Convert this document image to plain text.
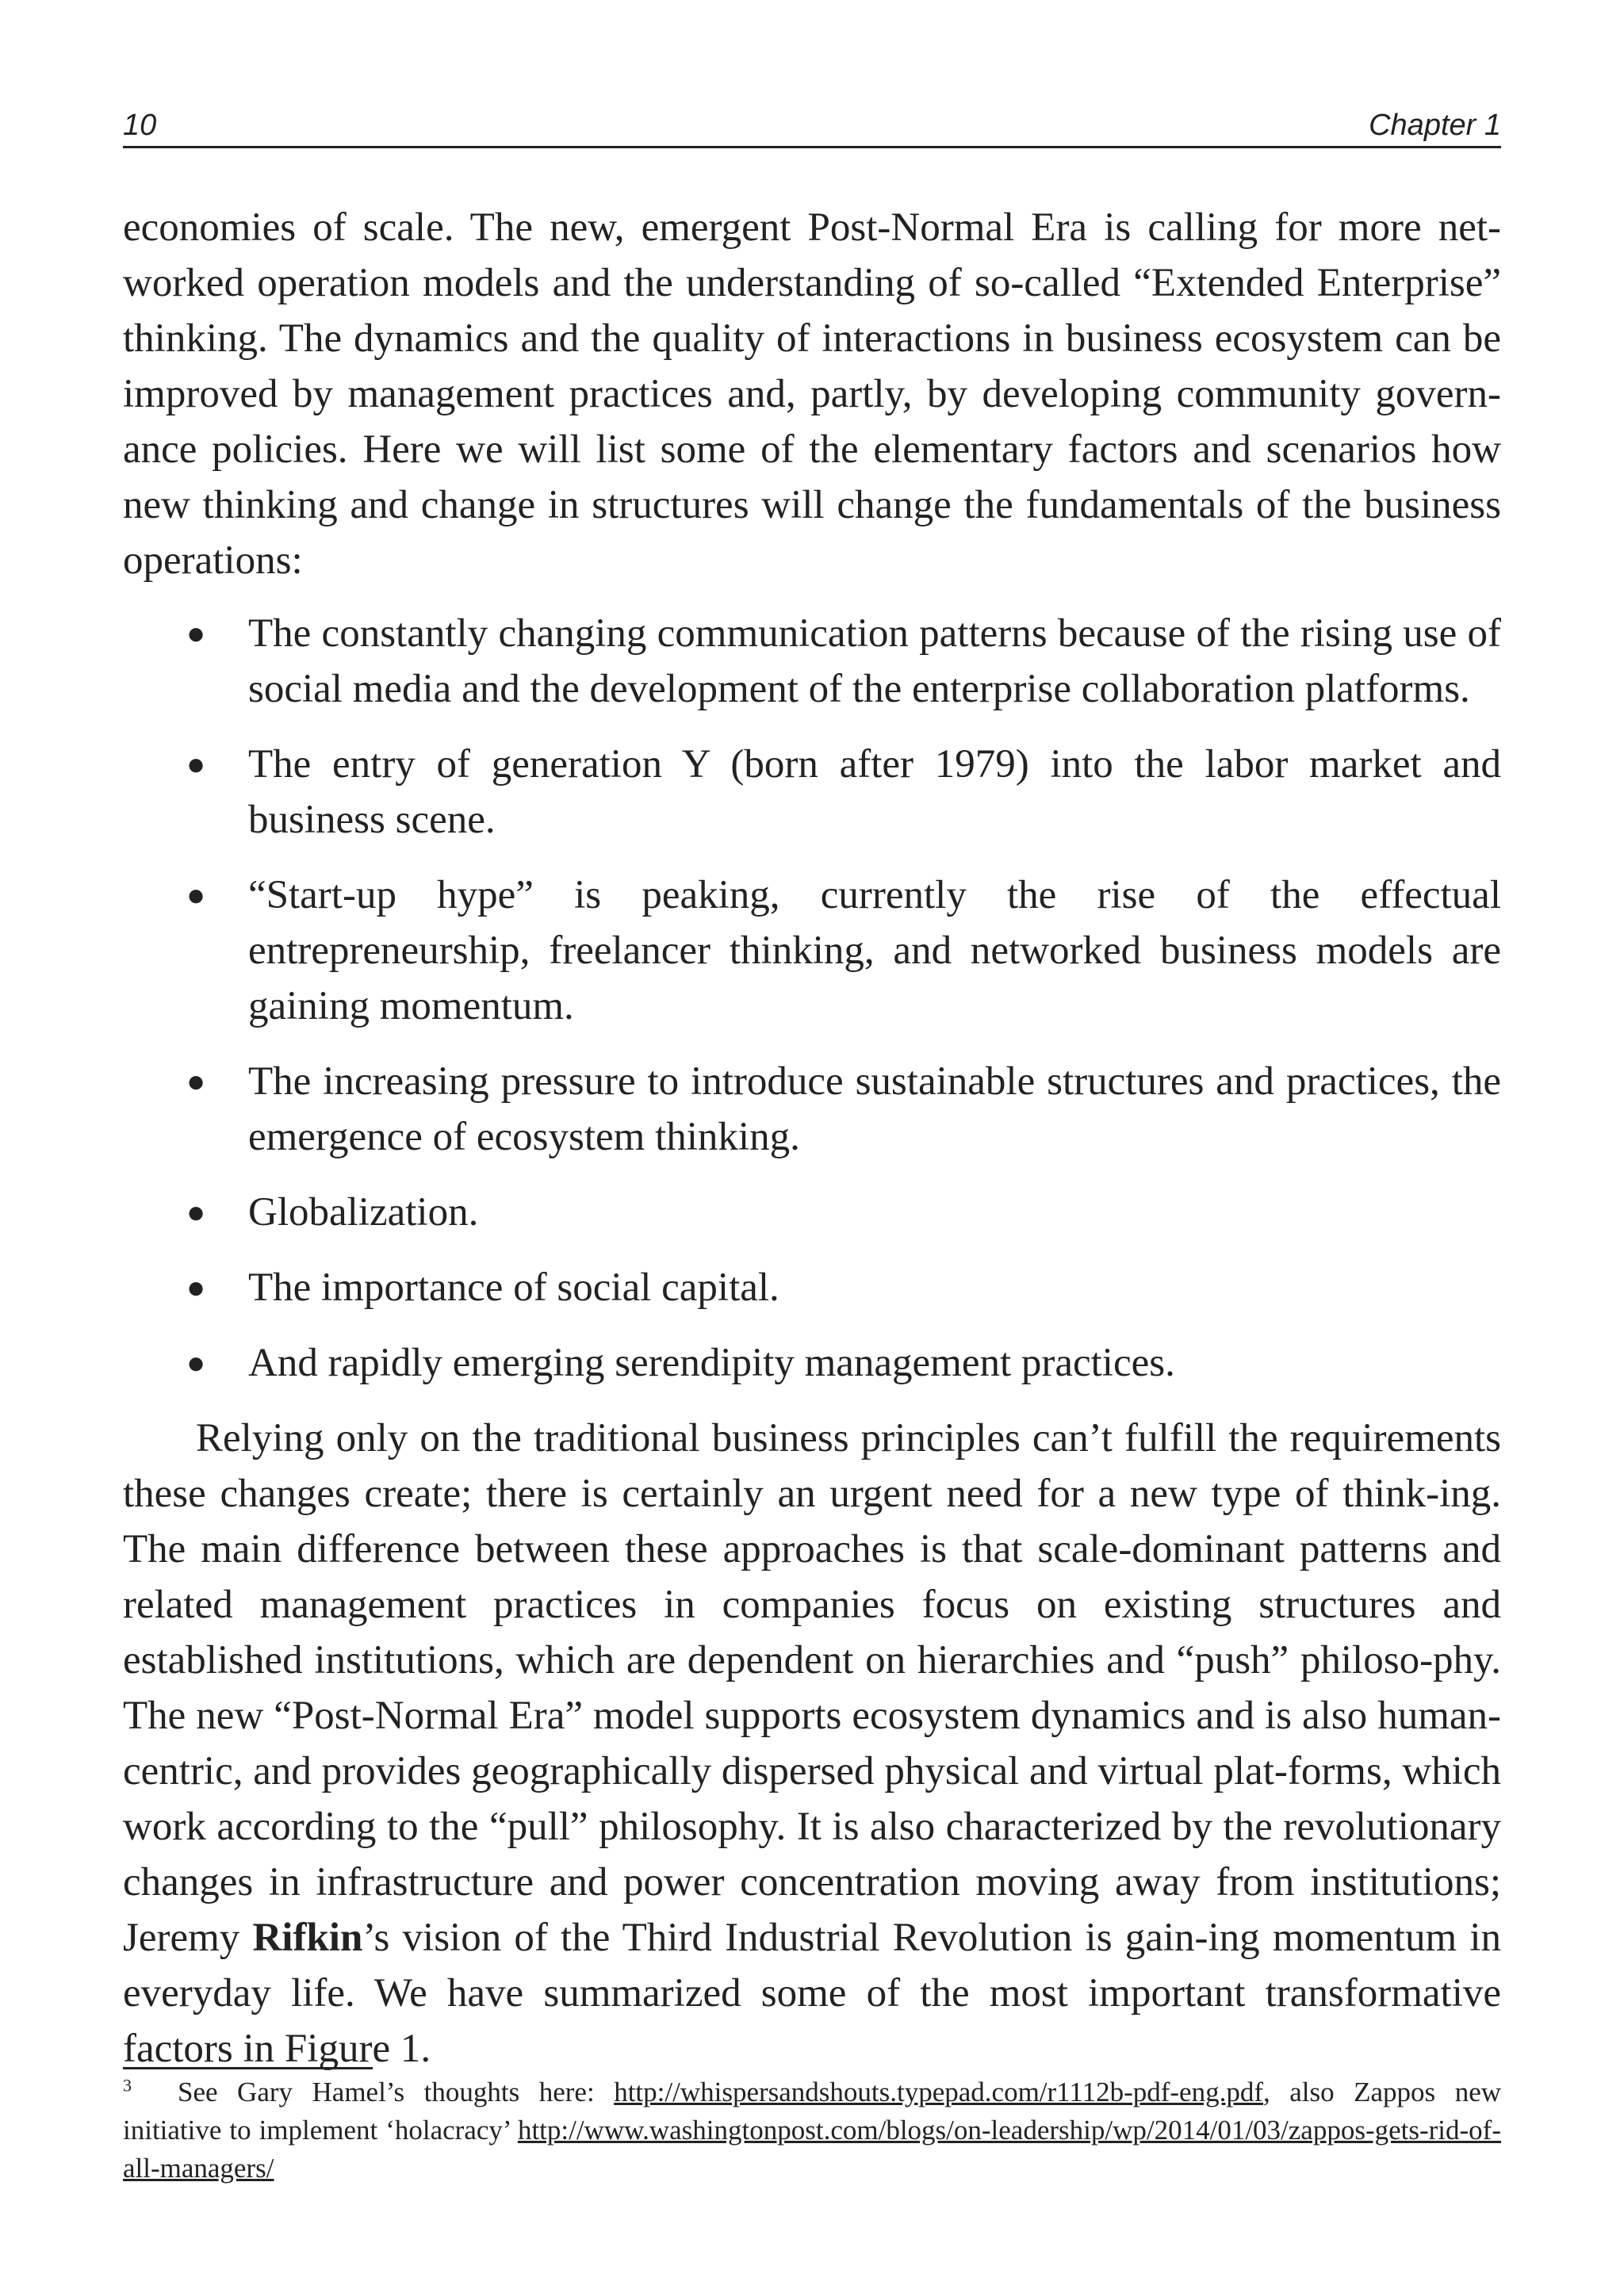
10	Chapter 1

economies of scale. The new, emergent Post-Normal Era is calling for more net-worked operation models and the understanding of so-called “Extended Enterprise” thinking. The dynamics and the quality of interactions in business ecosystem can be improved by management practices and, partly, by developing community govern-ance policies. Here we will list some of the elementary factors and scenarios how new thinking and change in structures will change the fundamentals of the business operations:

● The constantly changing communication patterns because of the rising use of social media and the development of the enterprise collaboration platforms.
● The entry of generation Y (born after 1979) into the labor market and business scene.
● “Start-up hype” is peaking, currently the rise of the effectual entrepreneurship, freelancer thinking, and networked business models are gaining momentum.
● The increasing pressure to introduce sustainable structures and practices, the emergence of ecosystem thinking.
● Globalization.
● The importance of social capital.
● And rapidly emerging serendipity management practices.

Relying only on the traditional business principles can’t fulfill the requirements these changes create; there is certainly an urgent need for a new type of think-ing. The main difference between these approaches is that scale-dominant patterns and related management practices in companies focus on existing structures and established institutions, which are dependent on hierarchies and “push” philoso-phy. The new “Post-Normal Era” model supports ecosystem dynamics and is also human-centric, and provides geographically dispersed physical and virtual plat-forms, which work according to the “pull” philosophy. It is also characterized by the revolutionary changes in infrastructure and power concentration moving away from institutions; Jeremy Rifkin’s vision of the Third Industrial Revolution is gain-ing momentum in everyday life. We have summarized some of the most important transformative factors in Figure 1.

$^3$ See Gary Hamel’s thoughts here: http://whispersandshouts.typepad.com/r1112b-pdf-eng.pdf, also Zappos new initiative to implement ‘holacracy’ http://www.washingtonpost.com/blogs/on-leadership/wp/2014/01/03/zappos-gets-rid-of-all-managers/
